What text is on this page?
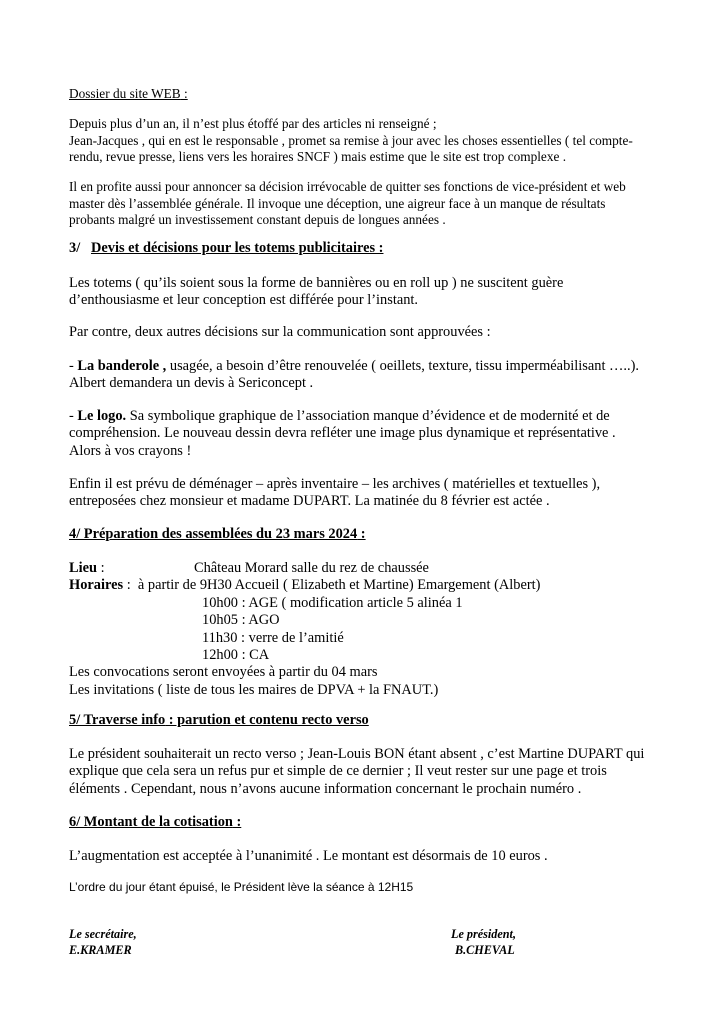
Dossier du site WEB :
Depuis plus d’un an, il n’est plus étoffé par des articles ni renseigné ;
Jean-Jacques , qui en est le responsable , promet sa remise à jour avec les choses essentielles ( tel compte-
rendu, revue presse, liens vers les horaires SNCF ) mais estime que le site est trop complexe .
Il en profite aussi pour annoncer sa décision irrévocable de quitter ses fonctions de vice-président et web
master dès l’assemblée générale. Il invoque une déception, une aigreur face à un manque de résultats
probants malgré un investissement constant depuis de longues années .
3/ Devis et décisions pour les totems publicitaires :
Les totems ( qu’ils soient sous la forme de bannières ou en roll up ) ne suscitent guère
d’enthousiasme et leur conception est différée pour l’instant.
Par contre, deux autres décisions sur la communication sont approuvées :
- La banderole , usagée, a besoin d’être renouvelée ( oeillets, texture, tissu imperméabilisant …..).
Albert demandera un devis à Sericoncept .
- Le logo. Sa symbolique graphique de l’association manque d’évidence et de modernité et de
compréhension. Le nouveau dessin devra refléter une image plus dynamique et représentative .
Alors à vos crayons !
Enfin il est prévu de déménager – après inventaire – les archives ( matérielles et textuelles ),
entreposées chez monsieur et madame DUPART. La matinée du 8 février est actée .
4/ Préparation des assemblées du 23 mars 2024 :
Lieu :	Château Morard salle du rez de chaussée
Horaires : à partir de 9H30 Accueil ( Elizabeth et Martine) Emargement (Albert)
10h00 : AGE ( modification article 5 alinéa 1
10h05 : AGO
11h30 : verre de l’amitié
12h00 : CA
Les convocations seront envoyées à partir du 04 mars
Les invitations ( liste de tous les maires de DPVA + la FNAUT.)
5/ Traverse info : parution et contenu recto verso
Le président souhaiterait un recto verso ; Jean-Louis BON étant absent , c’est Martine DUPART qui
explique que cela sera un refus pur et simple de ce dernier ; Il veut rester sur une page et trois
éléments . Cependant, nous n’avons aucune information concernant le prochain numéro .
6/ Montant de la cotisation :
L’augmentation est acceptée à l’unanimité . Le montant est désormais de 10 euros .
L’ordre du jour étant épuisé, le Président lève la séance à 12H15
Le secrétaire,
E.KRAMER
Le président,
B.CHEVAL
